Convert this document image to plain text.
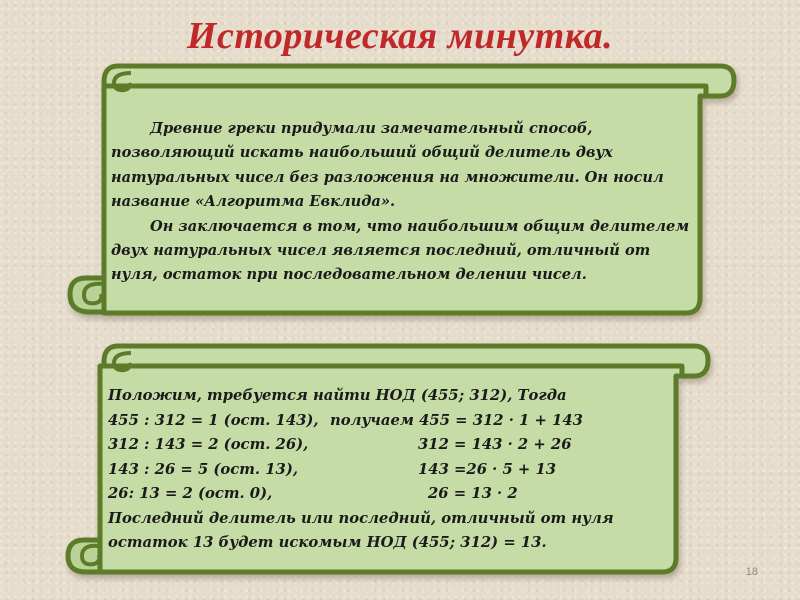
Историческая минутка.

Древние греки придумали замечательный способ, позволяющий искать наибольший общий делитель двух натуральных чисел без разложения на множители. Он носил название «Алгоритма Евклида».

Он заключается в том, что наибольшим общим делителем двух натуральных чисел является последний, отличный от нуля, остаток при последовательном делении чисел.

Положим, требуется найти НОД (455; 312), Тогда

455 : 312 = 1 (ост. 143), получаем 455 = 312 · 1 + 143
312 : 143 = 2 (ост. 26),	312 = 143 · 2 + 26
143 : 26 = 5 (ост. 13),	143 =26 · 5 + 13
26: 13 = 2 (ост. 0),	26 = 13 · 2

Последний делитель или последний, отличный от нуля остаток 13 будет искомым НОД (455; 312) = 13.

18
